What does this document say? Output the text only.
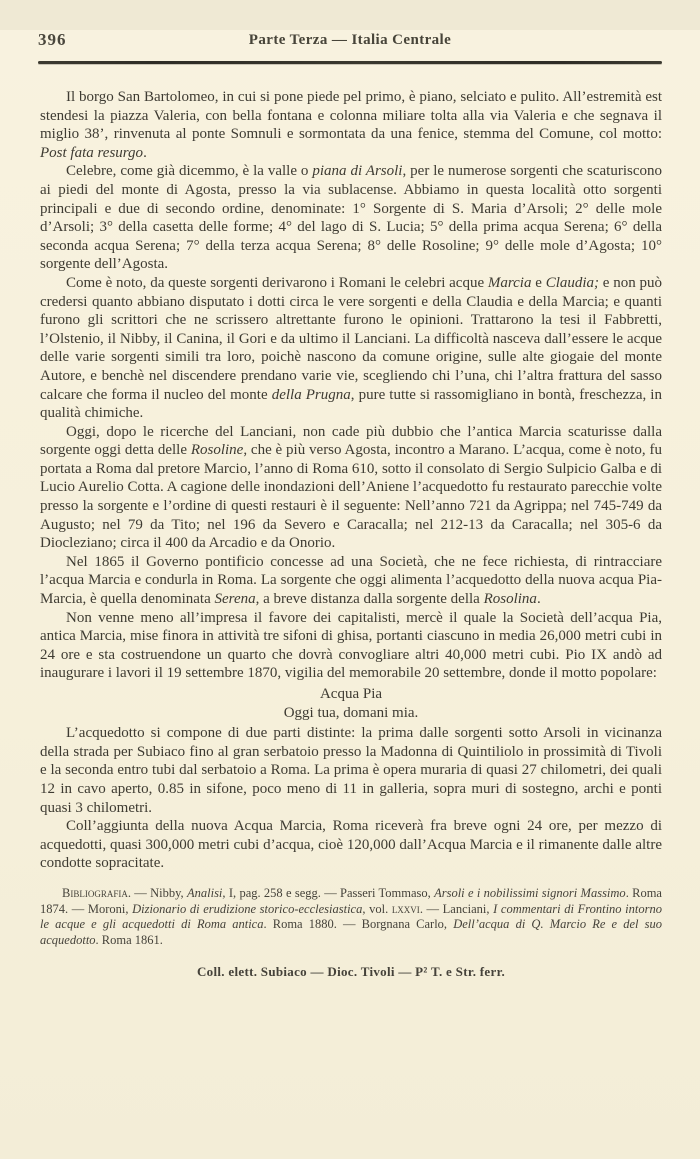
396	Parte Terza — Italia Centrale

Il borgo San Bartolomeo, in cui si pone piede pel primo, è piano, selciato e pulito. All’estremità est stendesi la piazza Valeria, con bella fontana e colonna miliare tolta alla via Valeria e che segnava il miglio 38’, rinvenuta al ponte Somnuli e sormontata da una fenice, stemma del Comune, col motto: Post fata resurgo.

Celebre, come già dicemmo, è la valle o piana di Arsoli, per le numerose sorgenti che scaturiscono ai piedi del monte di Agosta, presso la via sublacense. Abbiamo in questa località otto sorgenti principali e due di secondo ordine, denominate: 1° Sorgente di S. Maria d’Arsoli; 2° delle mole d’Arsoli; 3° della casetta delle forme; 4° del lago di S. Lucia; 5° della prima acqua Serena; 6° della seconda acqua Serena; 7° della terza acqua Serena; 8° delle Rosoline; 9° delle mole d’Agosta; 10° sorgente dell’Agosta.

Come è noto, da queste sorgenti derivarono i Romani le celebri acque Marcia e Claudia; e non può credersi quanto abbiano disputato i dotti circa le vere sorgenti e della Claudia e della Marcia; e quanti furono gli scrittori che ne scrissero altrettante furono le opinioni. Trattarono la tesi il Fabbretti, l’Olstenio, il Nibby, il Canina, il Gori e da ultimo il Lanciani. La difficoltà nasceva dall’essere le acque delle varie sorgenti simili tra loro, poichè nascono da comune origine, sulle alte giogaie del monte Autore, e benchè nel discendere prendano varie vie, scegliendo chi l’una, chi l’altra frattura del sasso calcare che forma il nucleo del monte della Prugna, pure tutte si rassomigliano in bontà, freschezza, in qualità chimiche.

Oggi, dopo le ricerche del Lanciani, non cade più dubbio che l’antica Marcia scaturisse dalla sorgente oggi detta delle Rosoline, che è più verso Agosta, incontro a Marano. L’acqua, come è noto, fu portata a Roma dal pretore Marcio, l’anno di Roma 610, sotto il consolato di Sergio Sulpicio Galba e di Lucio Aurelio Cotta. A cagione delle inondazioni dell’Aniene l’acquedotto fu restaurato parecchie volte presso la sorgente e l’ordine di questi restauri è il seguente: Nell’anno 721 da Agrippa; nel 745-749 da Augusto; nel 79 da Tito; nel 196 da Severo e Caracalla; nel 212-13 da Caracalla; nel 305-6 da Diocleziano; circa il 400 da Arcadio e da Onorio.

Nel 1865 il Governo pontificio concesse ad una Società, che ne fece richiesta, di rintracciare l’acqua Marcia e condurla in Roma. La sorgente che oggi alimenta l’acquedotto della nuova acqua Pia-Marcia, è quella denominata Serena, a breve distanza dalla sorgente della Rosolina.

Non venne meno all’impresa il favore dei capitalisti, mercè il quale la Società dell’acqua Pia, antica Marcia, mise finora in attività tre sifoni di ghisa, portanti ciascuno in media 26,000 metri cubi in 24 ore e sta costruendone un quarto che dovrà convogliare altri 40,000 metri cubi. Pio IX andò ad inaugurare i lavori il 19 settembre 1870, vigilia del memorabile 20 settembre, donde il motto popolare:

Acqua Pia
Oggi tua, domani mia.

L’acquedotto si compone di due parti distinte: la prima dalle sorgenti sotto Arsoli in vicinanza della strada per Subiaco fino al gran serbatoio presso la Madonna di Quintiliolo in prossimità di Tivoli e la seconda entro tubi dal serbatoio a Roma. La prima è opera muraria di quasi 27 chilometri, dei quali 12 in cavo aperto, 0.85 in sifone, poco meno di 11 in galleria, sopra muri di sostegno, archi e ponti quasi 3 chilometri.

Coll’aggiunta della nuova Acqua Marcia, Roma riceverà fra breve ogni 24 ore, per mezzo di acquedotti, quasi 300,000 metri cubi d’acqua, cioè 120,000 dall’Acqua Marcia e il rimanente dalle altre condotte sopracitate.

Bibliografia. — Nibby, Analisi, I, pag. 258 e segg. — Passeri Tommaso, Arsoli e i nobilissimi signori Massimo. Roma 1874. — Moroni, Dizionario di erudizione storico-ecclesiastica, vol. lxxvi. — Lanciani, I commentari di Frontino intorno le acque e gli acquedotti di Roma antica. Roma 1880. — Borgnana Carlo, Dell’acqua di Q. Marcio Re e del suo acquedotto. Roma 1861.
Coll. elett. Subiaco — Dioc. Tivoli — P² T. e Str. ferr.
